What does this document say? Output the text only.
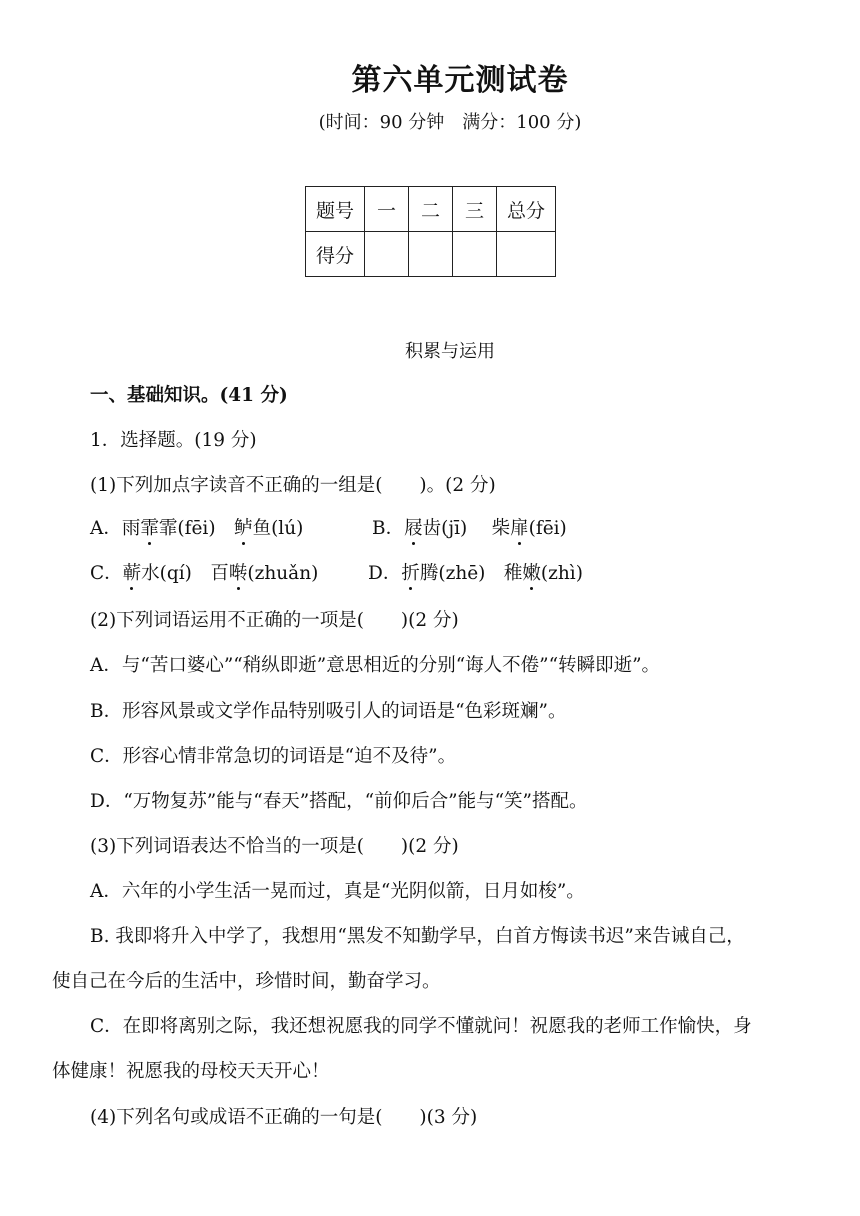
第六单元测试卷
(时间：90 分钟　满分：100 分)
题号	一	二	三	总分
得分				
积累与运用
一、基础知识。(41 分)
1．选择题。(19 分)
(1)下列加点字读音不正确的一组是(　　)。(2 分)
A．雨霏霏(fēi)　鲈鱼(lú)	B．屐齿(jī)　 柴扉(fēi)
C．蕲水(qí)　百啭(zhuǎn)	D．折腾(zhē)　稚嫩(zhì)
(2)下列词语运用不正确的一项是(　　)(2 分)
A．与“苦口婆心”“稍纵即逝”意思相近的分别“诲人不倦”“转瞬即逝”。
B．形容风景或文学作品特别吸引人的词语是“色彩斑斓”。
C．形容心情非常急切的词语是“迫不及待”。
D．“万物复苏”能与“春天”搭配，“前仰后合”能与“笑”搭配。
(3)下列词语表达不恰当的一项是(　　)(2 分)
A．六年的小学生活一晃而过，真是“光阴似箭，日月如梭”。
B. 我即将升入中学了，我想用“黑发不知勤学早，白首方悔读书迟”来告诫自己，
使自己在今后的生活中，珍惜时间，勤奋学习。
C．在即将离别之际，我还想祝愿我的同学不懂就问！祝愿我的老师工作愉快，身
体健康！祝愿我的母校天天开心！
(4)下列名句或成语不正确的一句是(　　)(3 分)
